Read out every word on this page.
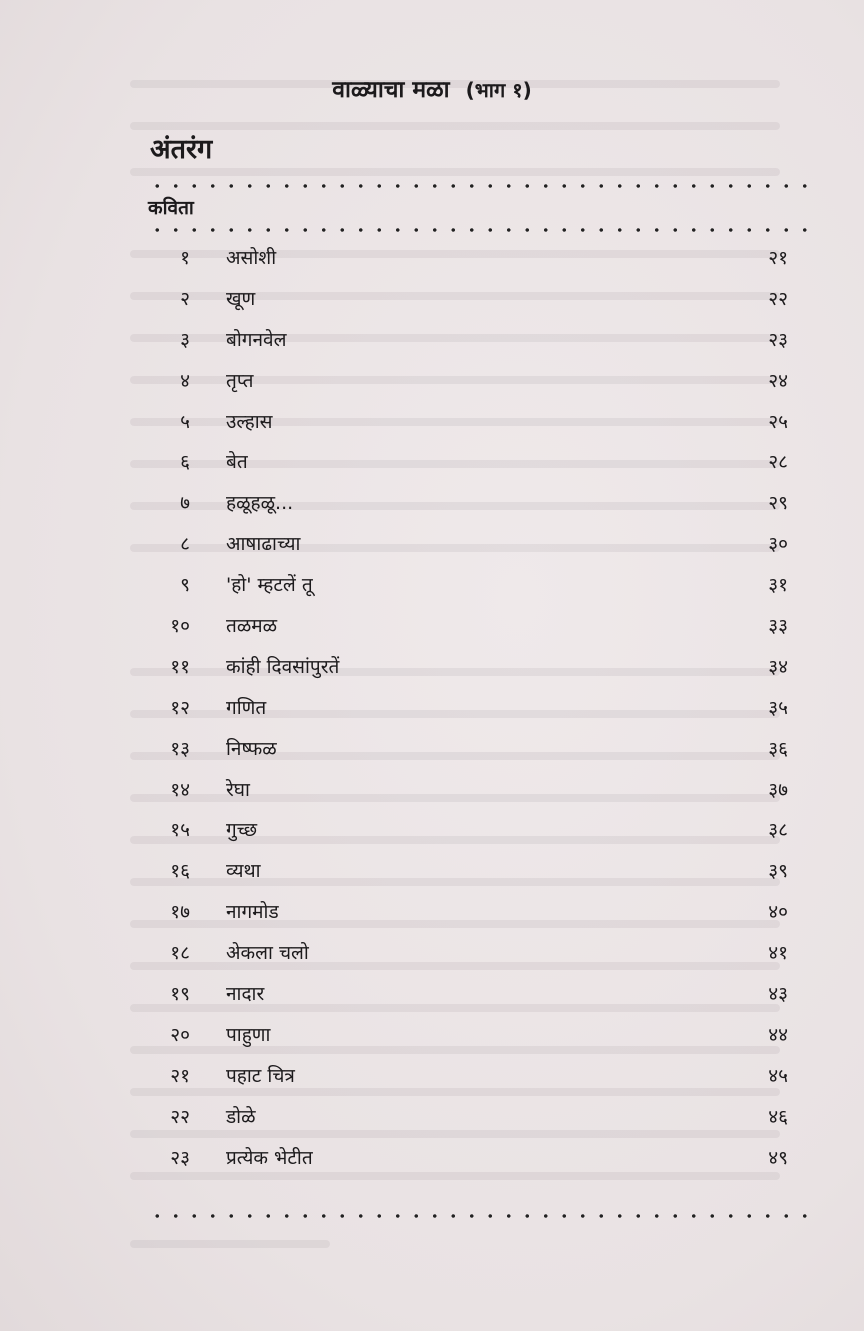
वाळ्याचा मळा (भाग १)
अंतरंग
कविता
१ असोशी	२१
२ खूण	२२
३ बोगनवेल	२३
४ तृप्त	२४
५ उल्हास	२५
६ बेत	२८
७ हळूहळू...	२९
८ आषाढाच्या	३०
९ 'हो' म्हटलें तू	३१
१० तळमळ	३३
११ कांही दिवसांपुरतें	३४
१२ गणित	३५
१३ निष्फळ	३६
१४ रेघा	३७
१५ गुच्छ	३८
१६ व्यथा	३९
१७ नागमोड	४०
१८ अेकला चलो	४१
१९ नादार	४३
२० पाहुणा	४४
२१ पहाट चित्र	४५
२२ डोळे	४६
२३ प्रत्येक भेटीत	४९
